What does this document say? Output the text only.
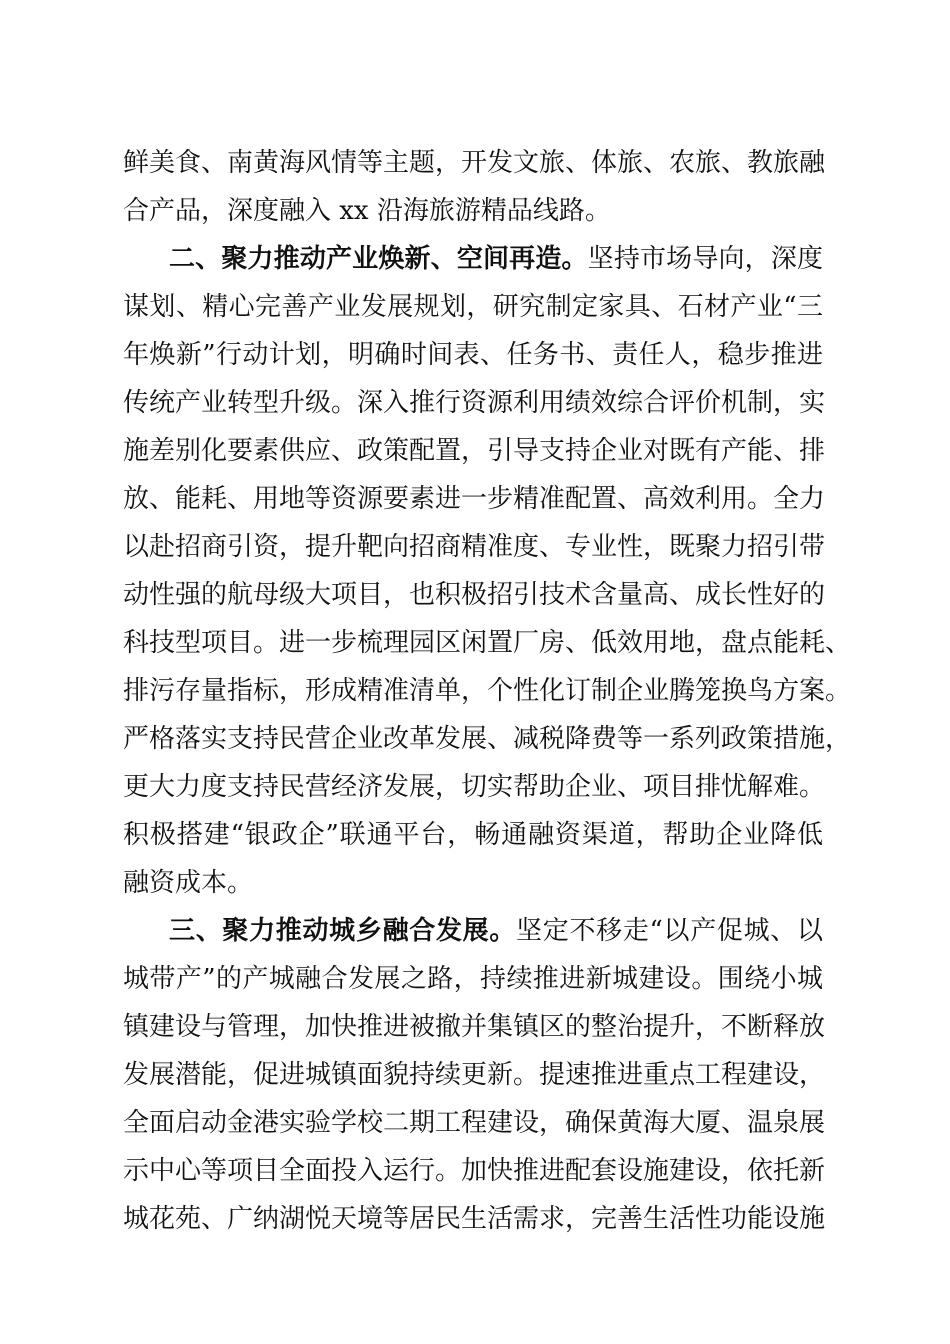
鲜美食、南黄海风情等主题，开发文旅、体旅、农旅、教旅融
合产品，深度融入 xx 沿海旅游精品线路。
二、聚力推动产业焕新、空间再造。坚持市场导向，深度
谋划、精心完善产业发展规划，研究制定家具、石材产业“三
年焕新”行动计划，明确时间表、任务书、责任人，稳步推进
传统产业转型升级。深入推行资源利用绩效综合评价机制，实
施差别化要素供应、政策配置，引导支持企业对既有产能、排
放、能耗、用地等资源要素进一步精准配置、高效利用。全力
以赴招商引资，提升靶向招商精准度、专业性，既聚力招引带
动性强的航母级大项目，也积极招引技术含量高、成长性好的
科技型项目。进一步梳理园区闲置厂房、低效用地，盘点能耗、
排污存量指标，形成精准清单，个性化订制企业腾笼换鸟方案。
严格落实支持民营企业改革发展、减税降费等一系列政策措施，
更大力度支持民营经济发展，切实帮助企业、项目排忧解难。
积极搭建“银政企”联通平台，畅通融资渠道，帮助企业降低
融资成本。
三、聚力推动城乡融合发展。坚定不移走“以产促城、以
城带产”的产城融合发展之路，持续推进新城建设。围绕小城
镇建设与管理，加快推进被撤并集镇区的整治提升，不断释放
发展潜能，促进城镇面貌持续更新。提速推进重点工程建设，
全面启动金港实验学校二期工程建设，确保黄海大厦、温泉展
示中心等项目全面投入运行。加快推进配套设施建设，依托新
城花苑、广纳湖悦天境等居民生活需求，完善生活性功能设施
